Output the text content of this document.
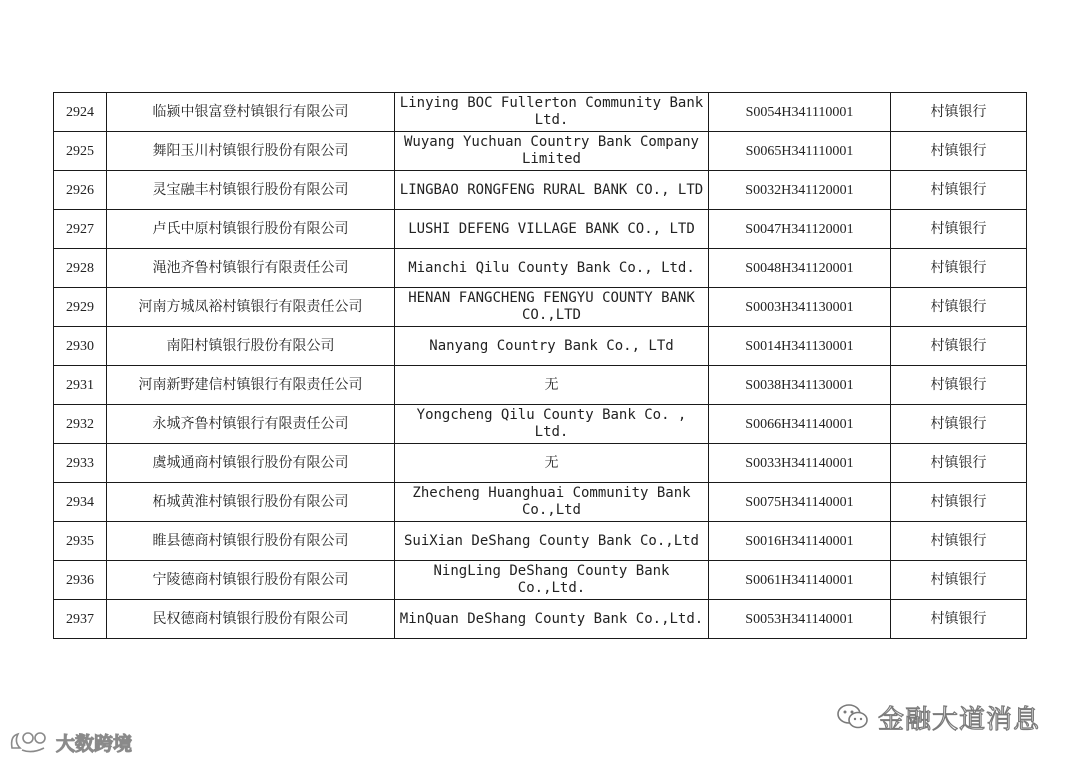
2924	临颍中银富登村镇银行有限公司	Linying BOC Fullerton Community Bank Ltd.	S0054H341110001	村镇银行
2925	舞阳玉川村镇银行股份有限公司	Wuyang Yuchuan Country Bank Company Limited	S0065H341110001	村镇银行
2926	灵宝融丰村镇银行股份有限公司	LINGBAO RONGFENG RURAL BANK CO., LTD	S0032H341120001	村镇银行
2927	卢氏中原村镇银行股份有限公司	LUSHI DEFENG VILLAGE BANK CO., LTD	S0047H341120001	村镇银行
2928	渑池齐鲁村镇银行有限责任公司	Mianchi Qilu County Bank Co., Ltd.	S0048H341120001	村镇银行
2929	河南方城凤裕村镇银行有限责任公司	HENAN FANGCHENG FENGYU COUNTY BANK CO.,LTD	S0003H341130001	村镇银行
2930	南阳村镇银行股份有限公司	Nanyang Country Bank Co., LTd	S0014H341130001	村镇银行
2931	河南新野建信村镇银行有限责任公司	无	S0038H341130001	村镇银行
2932	永城齐鲁村镇银行有限责任公司	Yongcheng Qilu County Bank Co. , Ltd.	S0066H341140001	村镇银行
2933	虞城通商村镇银行股份有限公司	无	S0033H341140001	村镇银行
2934	柘城黄淮村镇银行股份有限公司	Zhecheng Huanghuai Community Bank Co.,Ltd	S0075H341140001	村镇银行
2935	睢县德商村镇银行股份有限公司	SuiXian DeShang County Bank Co.,Ltd	S0016H341140001	村镇银行
2936	宁陵德商村镇银行股份有限公司	NingLing DeShang County Bank Co.,Ltd.	S0061H341140001	村镇银行
2937	民权德商村镇银行股份有限公司	MinQuan DeShang County Bank Co.,Ltd.	S0053H341140001	村镇银行
金融大道消息
大数跨境
